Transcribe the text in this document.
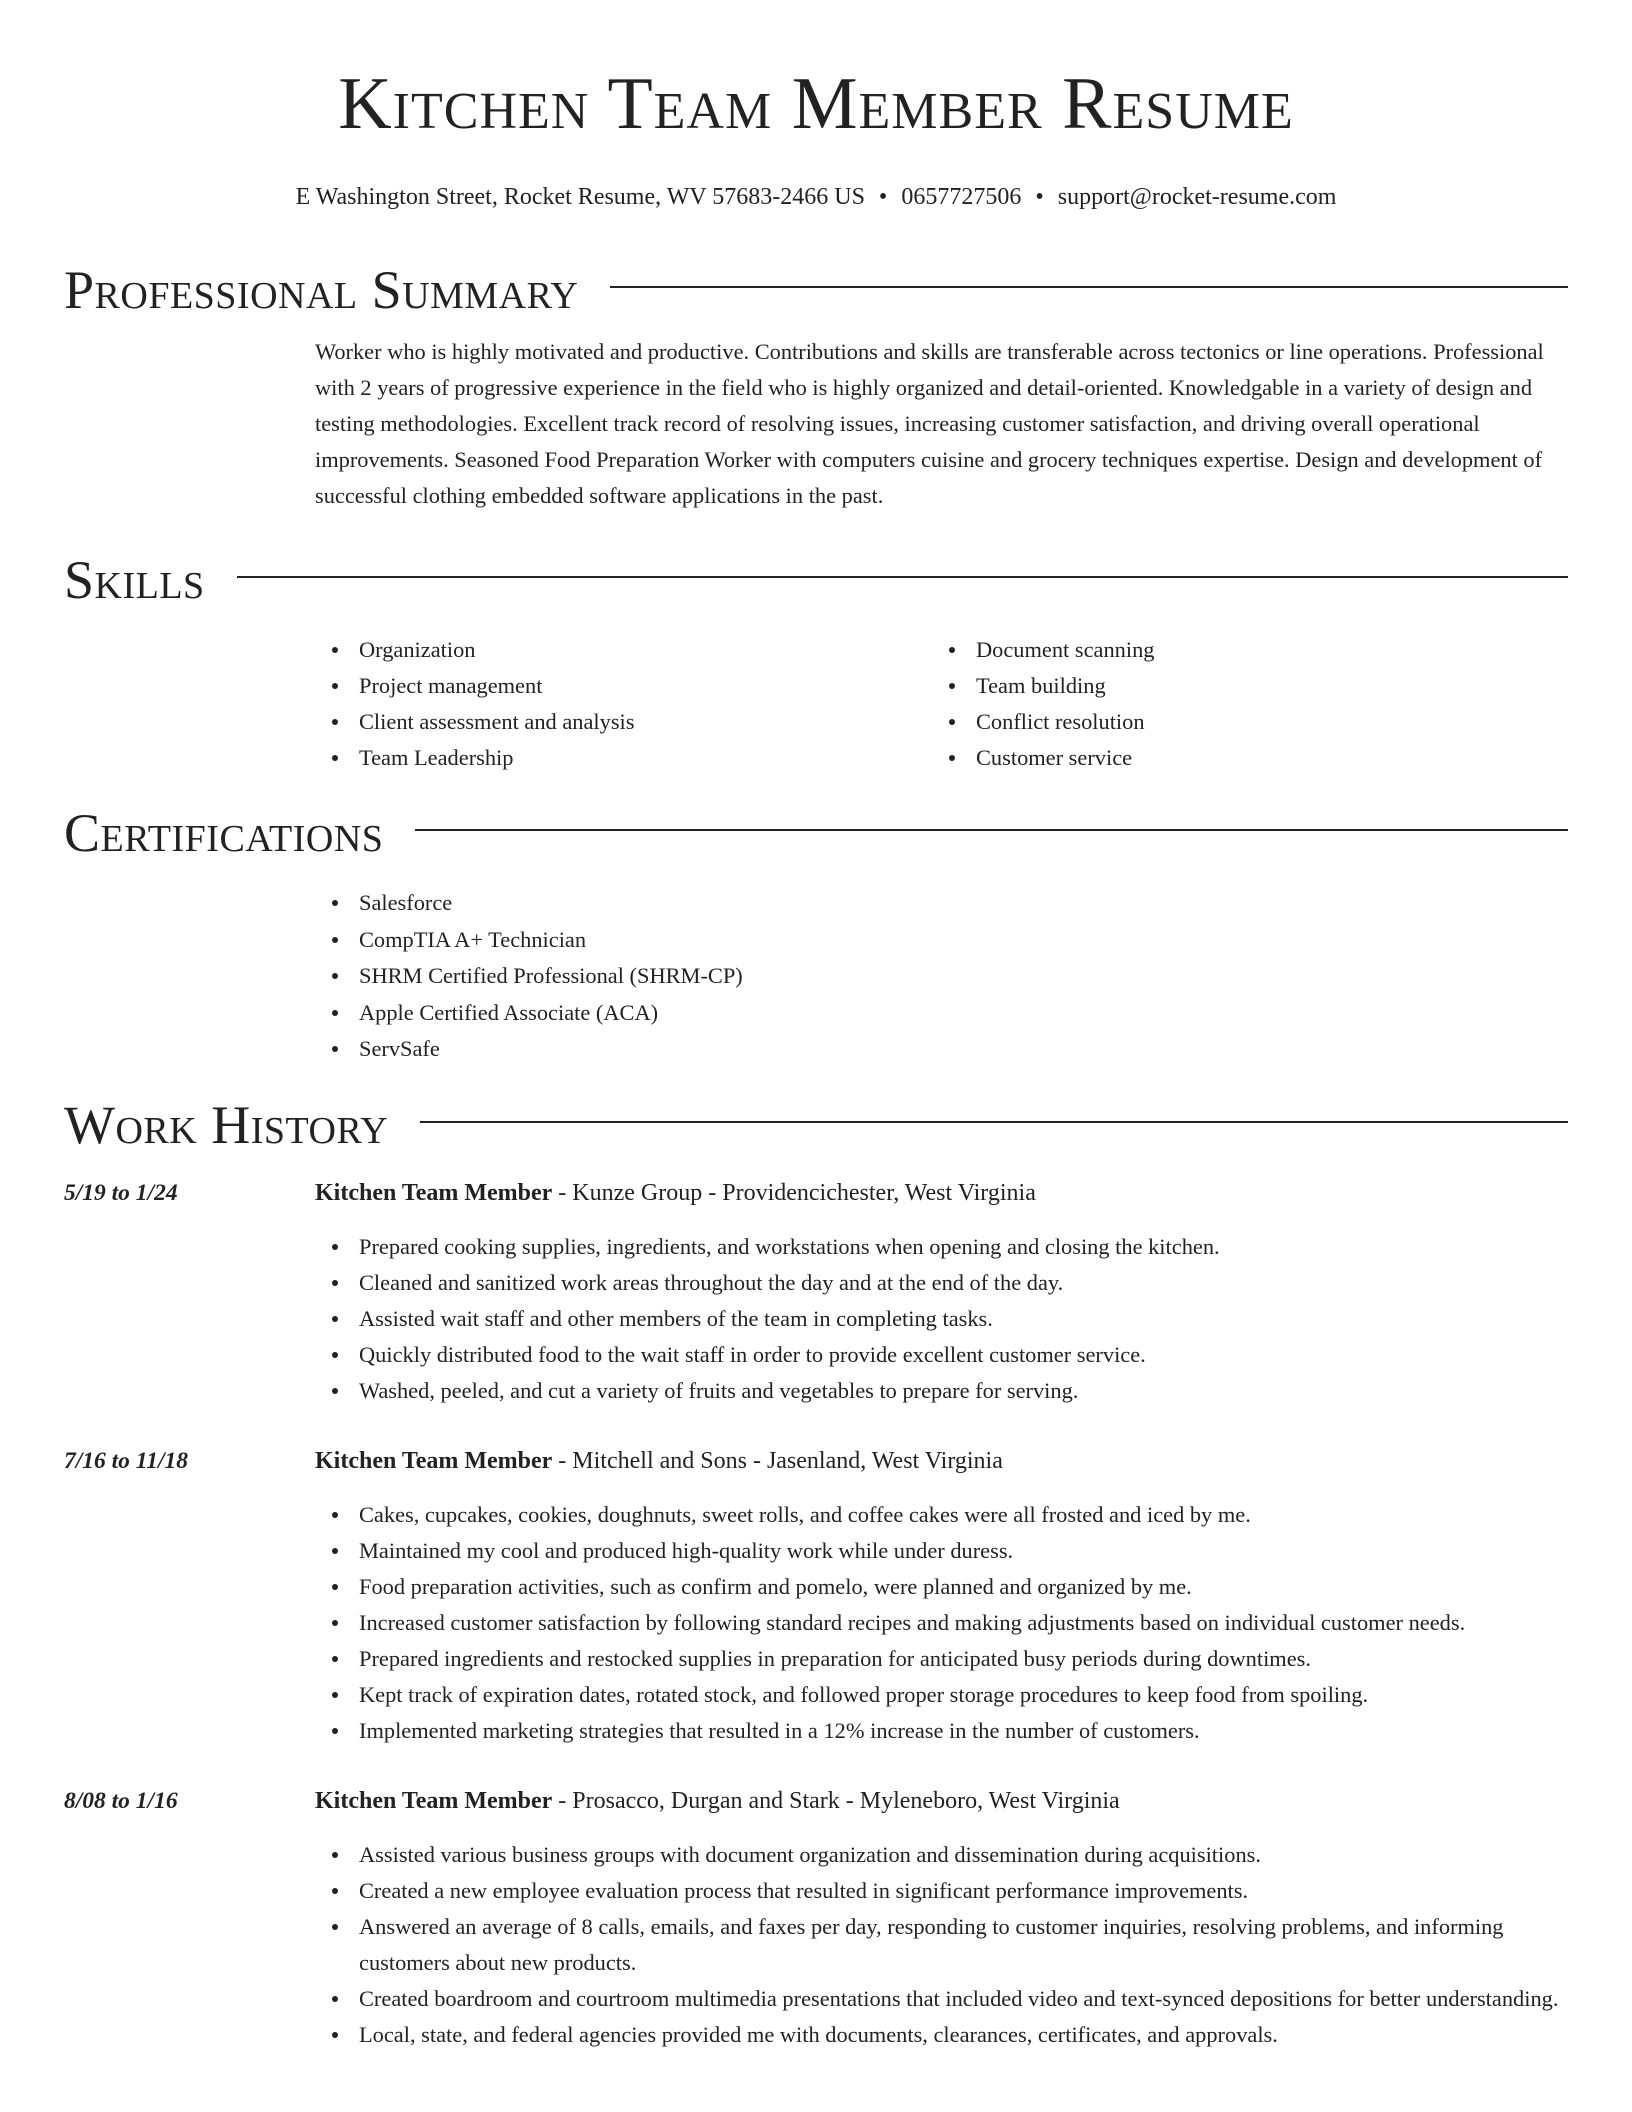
Kitchen Team Member Resume
E Washington Street, Rocket Resume, WV 57683-2466 US • 0657727506 • support@rocket-resume.com
Professional Summary

Worker who is highly motivated and productive. Contributions and skills are transferable across tectonics or line operations. Professional with 2 years of progressive experience in the field who is highly organized and detail-oriented. Knowledgable in a variety of design and testing methodologies. Excellent track record of resolving issues, increasing customer satisfaction, and driving overall operational improvements. Seasoned Food Preparation Worker with computers cuisine and grocery techniques expertise. Design and development of successful clothing embedded software applications in the past.

Skills
Organization
Project management
Client assessment and analysis
Team Leadership
Document scanning
Team building
Conflict resolution
Customer service
Certifications
Salesforce
CompTIA A+ Technician
SHRM Certified Professional (SHRM-CP)
Apple Certified Associate (ACA)
ServSafe
Work History
5/19 to 1/24	Kitchen Team Member - Kunze Group - Providencichester, West Virginia
Prepared cooking supplies, ingredients, and workstations when opening and closing the kitchen.
Cleaned and sanitized work areas throughout the day and at the end of the day.
Assisted wait staff and other members of the team in completing tasks.
Quickly distributed food to the wait staff in order to provide excellent customer service.
Washed, peeled, and cut a variety of fruits and vegetables to prepare for serving.
7/16 to 11/18	Kitchen Team Member - Mitchell and Sons - Jasenland, West Virginia
Cakes, cupcakes, cookies, doughnuts, sweet rolls, and coffee cakes were all frosted and iced by me.
Maintained my cool and produced high-quality work while under duress.
Food preparation activities, such as confirm and pomelo, were planned and organized by me.
Increased customer satisfaction by following standard recipes and making adjustments based on individual customer needs.
Prepared ingredients and restocked supplies in preparation for anticipated busy periods during downtimes.
Kept track of expiration dates, rotated stock, and followed proper storage procedures to keep food from spoiling.
Implemented marketing strategies that resulted in a 12% increase in the number of customers.
8/08 to 1/16	Kitchen Team Member - Prosacco, Durgan and Stark - Myleneboro, West Virginia
Assisted various business groups with document organization and dissemination during acquisitions.
Created a new employee evaluation process that resulted in significant performance improvements.
Answered an average of 8 calls, emails, and faxes per day, responding to customer inquiries, resolving problems, and informing customers about new products.
Created boardroom and courtroom multimedia presentations that included video and text-synced depositions for better understanding.
Local, state, and federal agencies provided me with documents, clearances, certificates, and approvals.
